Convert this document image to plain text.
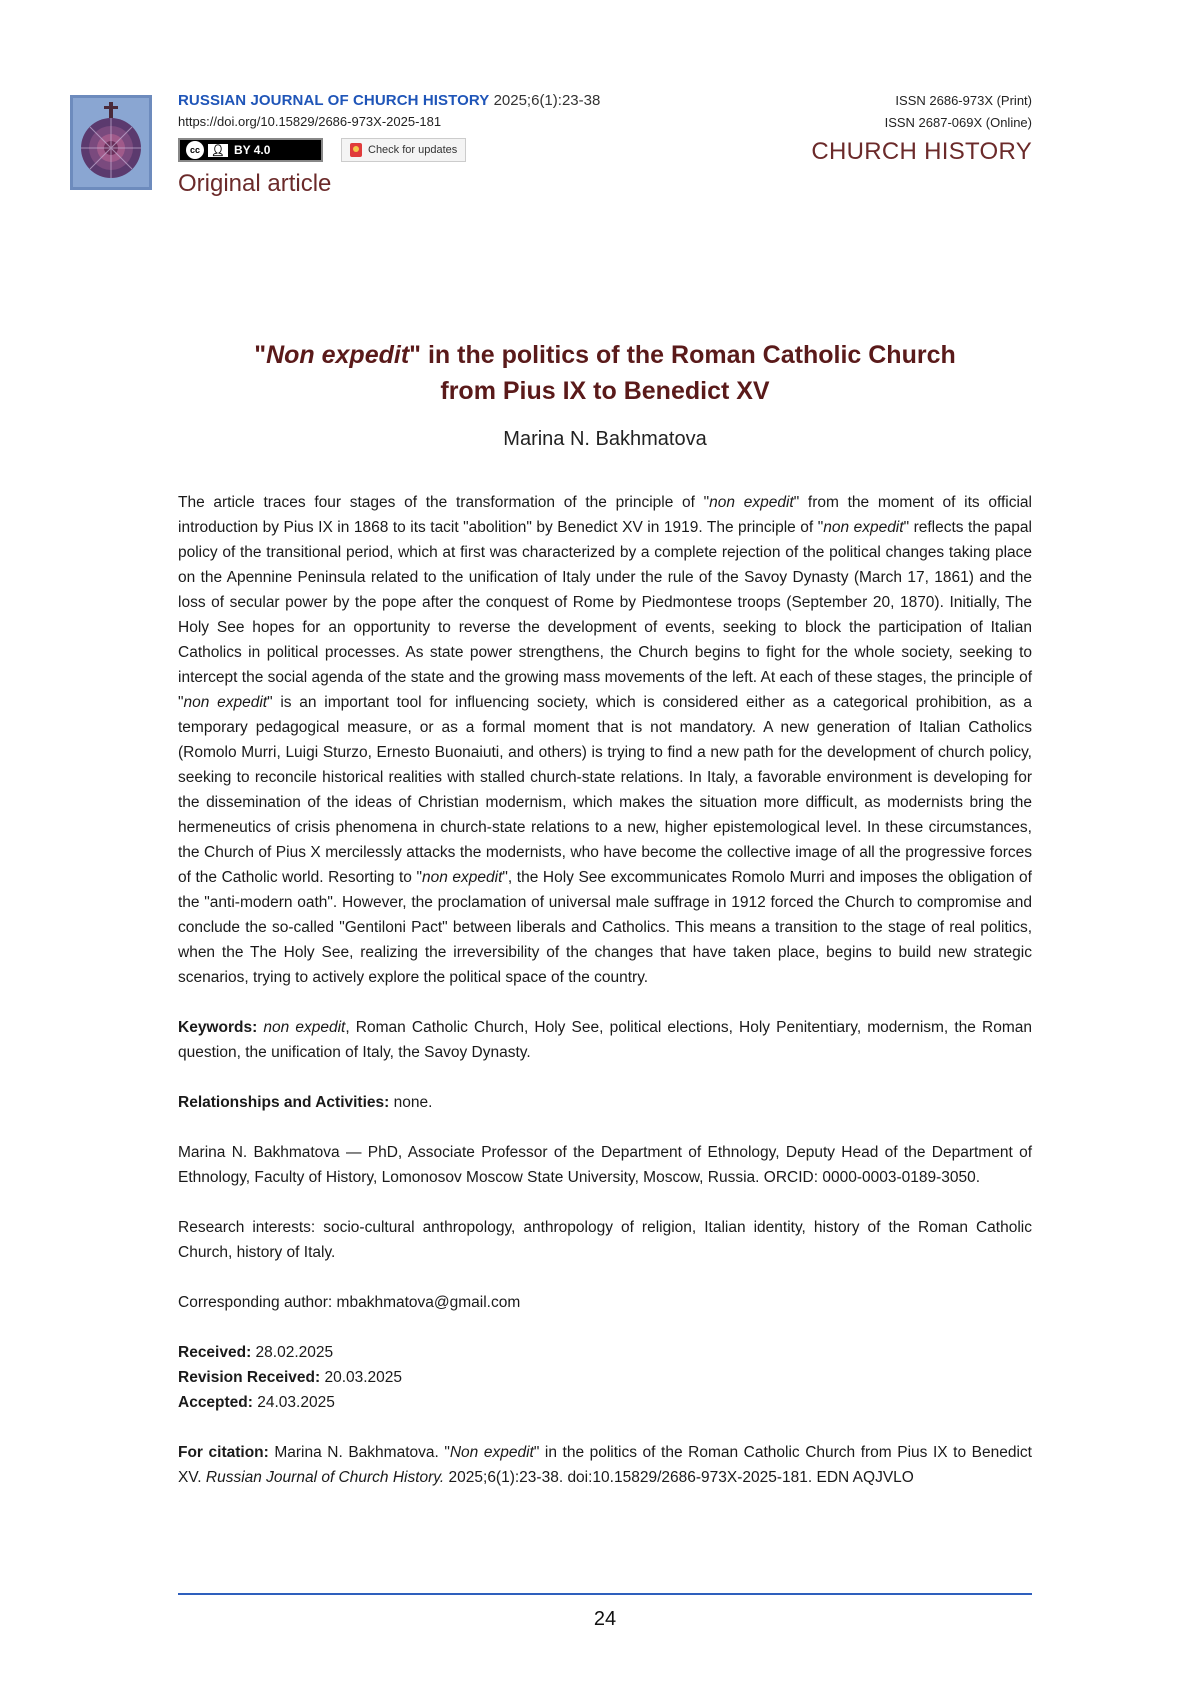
RUSSIAN JOURNAL OF CHURCH HISTORY 2025;6(1):23-38
https://doi.org/10.15829/2686-973X-2025-181
cc	👤︎ BY 4.0	Check for updates
Original article
ISSN 2686-973X (Print)
ISSN 2687-069X (Online)
CHURCH HISTORY
"Non expedit" in the politics of the Roman Catholic Church
from Pius IX to Benedict XV
Marina N. Bakhmatova

The article traces four stages of the transformation of the principle of "non expedit" from the moment of its official introduction by Pius IX in 1868 to its tacit "abolition" by Benedict XV in 1919. The principle of "non expedit" reflects the papal policy of the transitional period, which at first was characterized by a complete rejection of the political changes taking place on the Apennine Peninsula related to the unification of Italy under the rule of the Savoy Dynasty (March 17, 1861) and the loss of secular power by the pope after the conquest of Rome by Piedmontese troops (September 20, 1870). Initially, The Holy See hopes for an opportunity to reverse the development of events, seeking to block the participation of Italian Catholics in political processes. As state power strengthens, the Church begins to fight for the whole society, seeking to intercept the social agenda of the state and the growing mass movements of the left. At each of these stages, the principle of "non expedit" is an important tool for influencing society, which is considered either as a categorical prohibition, as a temporary pedagogical measure, or as a formal moment that is not mandatory. A new generation of Italian Catholics (Romolo Murri, Luigi Sturzo, Ernesto Buonaiuti, and others) is trying to find a new path for the development of church policy, seeking to reconcile historical realities with stalled church-state relations. In Italy, a favorable environment is developing for the dissemination of the ideas of Christian modernism, which makes the situation more difficult, as modernists bring the hermeneutics of crisis phenomena in church-state relations to a new, higher epistemological level. In these circumstances, the Church of Pius X mercilessly attacks the modernists, who have become the collective image of all the progressive forces of the Catholic world. Resorting to "non expedit", the Holy See excommunicates Romolo Murri and imposes the obligation of the "anti-modern oath". However, the proclamation of universal male suffrage in 1912 forced the Church to compromise and conclude the so-called "Gentiloni Pact" between liberals and Catholics. This means a transition to the stage of real politics, when the The Holy See, realizing the irreversibility of the changes that have taken place, begins to build new strategic scenarios, trying to actively explore the political space of the country.

Keywords: non expedit, Roman Catholic Church, Holy See, political elections, Holy Penitentiary, modernism, the Roman question, the unification of Italy, the Savoy Dynasty.

Relationships and Activities: none.

Marina N. Bakhmatova — PhD, Associate Professor of the Department of Ethnology, Deputy Head of the Department of Ethnology, Faculty of History, Lomonosov Moscow State University, Moscow, Russia. ORCID: 0000-0003-0189-3050.

Research interests: socio-cultural anthropology, anthropology of religion, Italian identity, history of the Roman Catholic Church, history of Italy.

Corresponding author: mbakhmatova@gmail.com

Received: 28.02.2025

Revision Received: 20.03.2025

Accepted: 24.03.2025

For citation: Marina N. Bakhmatova. "Non expedit" in the politics of the Roman Catholic Church from Pius IX to Benedict XV. Russian Journal of Church History. 2025;6(1):23-38. doi:10.15829/2686-973X-2025-181. EDN AQJVLO

24
